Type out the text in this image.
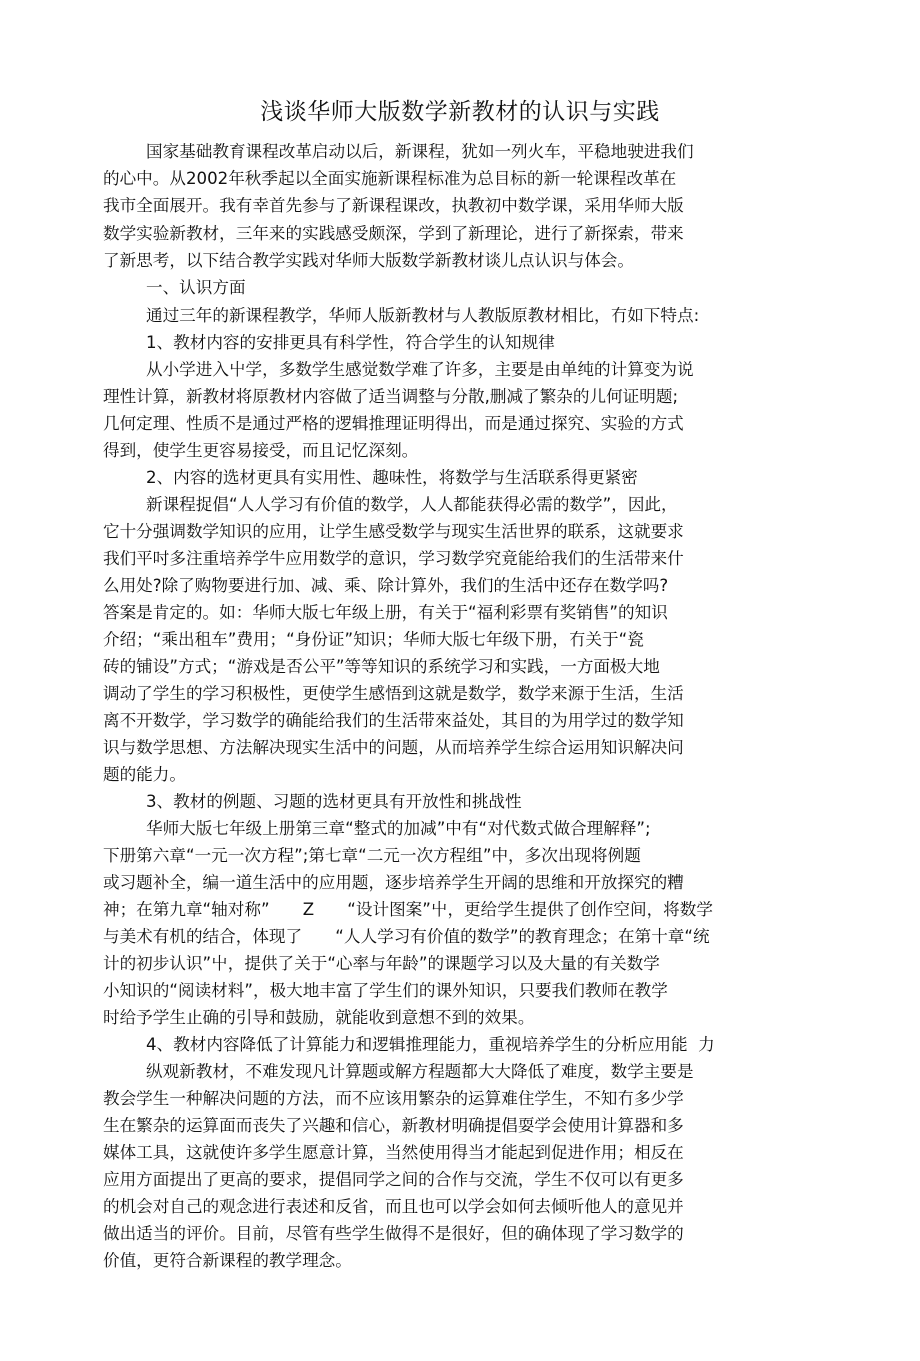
浅谈华师大版数学新教材的认识与实践
国家基础教育课程改革启动以后，新课程，犹如一列火车，平稳地驶进我们
的心中。从2002年秋季起以全面实施新课程标准为总目标的新一轮课程改革在
我市全面展开。我有幸首先参与了新课程课改，执教初中数学课，采用华师大版
数学实验新教材，三年来的实践感受颇深，学到了新理论，进行了新探索，带来
了新思考，以下结合教学实践对华师大版数学新教材谈儿点认识与体会。
一、认识方面
通过三年的新课程教学，华师人版新教材与人教版原教材相比，冇如下特点:
1、教材内容的安排更具有科学性，符合学生的认知规律
从小学进入屮学，多数学生感觉数学难了许多，主要是由单纯的计算变为说
理性计算，新教材将原教材内容做了适当调整与分散,删减了繁杂的儿何证明题;
几何定理、性质不是通过严格的逻辑推理证明得出，而是通过探究、实验的方式
得到，使学生更容易接受，而且记忆深刻。
2、内容的选材更具有实用性、趣味性，将数学与生活联系得更紧密
新课程捉倡“人人学习有价值的数学，人人都能获得必需的数学”，因此，
它十分强调数学知识的应用，让学生感受数学与现实生活世界的联系，这就要求
我们平吋多注重培养学牛应用数学的意识，学习数学究竟能给我们的生活带来什
么用处?除了购物要进行加、减、乘、除计算外，我们的生活中还存在数学吗?
答案是肯定的。如：华师大版七年级上册，有关于“福利彩票有奖销售”的知识
介绍；“乘出租车”费用；“身份证”知识；华师大版七年级下册，冇关于“瓷
砖的铺设”方式；“游戏是否公平”等等知识的系统学习和实践，一方面极大地
调动了学生的学习积极性，更使学生感悟到这就是数学，数学来源于生活，生活
离不开数学，学习数学的确能给我们的生活带來益处，其目的为用学过的数学知
识与数学思想、方法解决现实生活中的问题，从而培养学生综合运用知识解决问
题的能力。
3、教材的例题、习题的选材更具有开放性和挑战性
华师大版七年级上册第三章“整式的加减”中有“对代数式做合理解释”;
下册第六章“一元一次方程”;第七章“二元一次方程组”中，多次出现将例题
或习题补全，编一道生活中的应用题，逐步培养学生开阔的思维和开放探究的糟
神；在第九章“轴对称”　　Z　　“设计图案”屮，更给学生提供了创作空间，将数学
与美术有机的结合，体现了　　“人人学习有价值的数学”的教育理念；在第十章“统
计的初步认识”屮，提供了关于“心率与年龄”的课题学习以及大量的有关数学
小知识的“阅读材料”，极大地丰富了学生们的课外知识，只要我们教师在教学
时给予学生止确的引导和鼓励，就能收到意想不到的效果。
4、教材内容降低了计算能力和逻辑推理能力，重视培养学生的分析应用能  力
纵观新教材，不难发现凡计算题或解方程题都大大降低了难度，数学主要是
教会学生一种解决问题的方法，而不应该用繁杂的运算难住学生，不知冇多少学
生在繁杂的运算面而丧失了兴趣和信心，新教材明确提倡耍学会使用计算器和多
媒体工具，这就使许多学生愿意计算，当然使用得当才能起到促进作用；相反在
应用方面提出了更高的要求，提倡同学之间的合作与交流，学生不仅可以有更多
的机会对自己的观念进行表述和反省，而且也可以学会如何去倾听他人的意见并
做出适当的评价。目前，尽管有些学生做得不是很好，但的确体现了学习数学的
价值，更符合新课程的教学理念。
